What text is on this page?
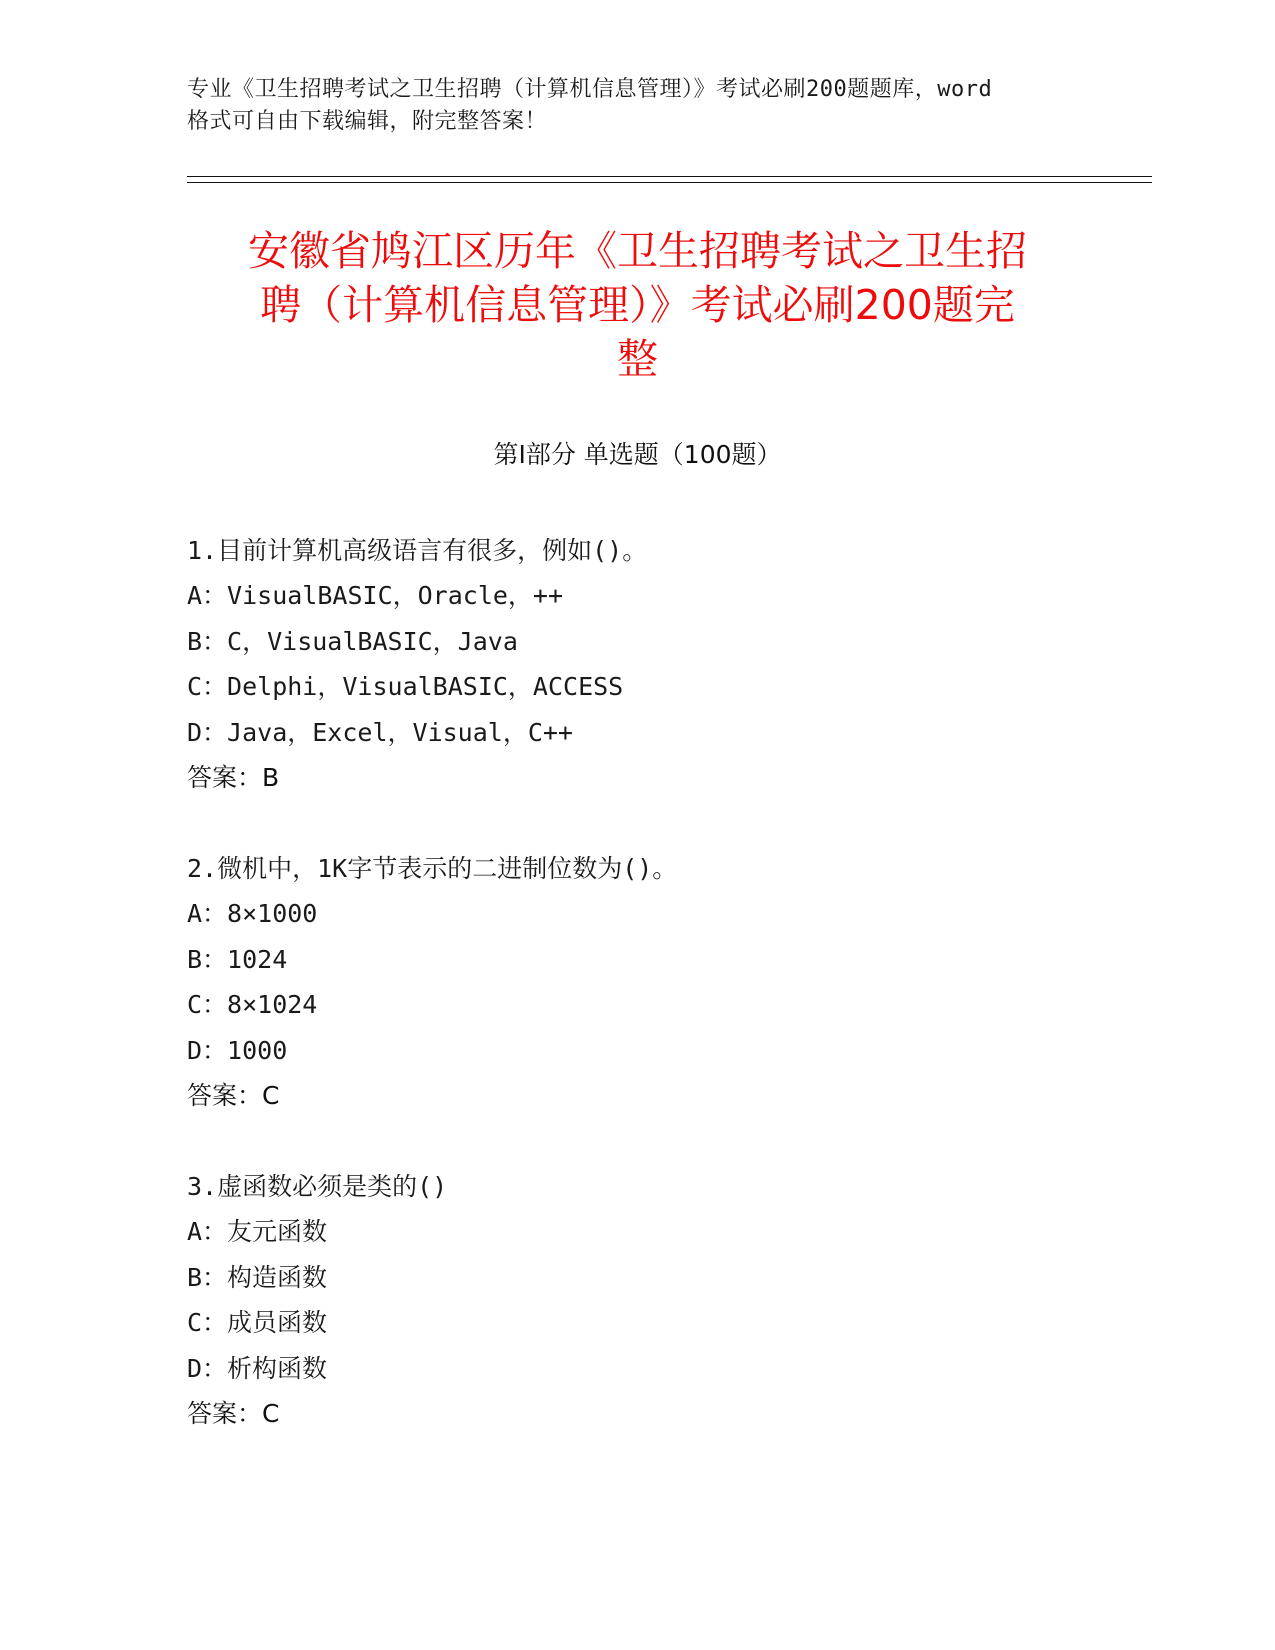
专业《卫生招聘考试之卫生招聘（计算机信息管理）》考试必刷200题题库，word
格式可自由下载编辑，附完整答案！
安徽省鸠江区历年《卫生招聘考试之卫生招
聘（计算机信息管理）》考试必刷200题完
整
第Ⅰ部分 单选题（100题）
1.目前计算机高级语言有很多，例如()。
A：VisualBASIC，Oracle，++
B：C，VisualBASIC，Java
C：Delphi，VisualBASIC，ACCESS
D：Java，Excel，Visual，C++
答案：B
2.微机中，1K字节表示的二进制位数为()。
A：8×1000
B：1024
C：8×1024
D：1000
答案：C
3.虚函数必须是类的()
A：友元函数
B：构造函数
C：成员函数
D：析构函数
答案：C
